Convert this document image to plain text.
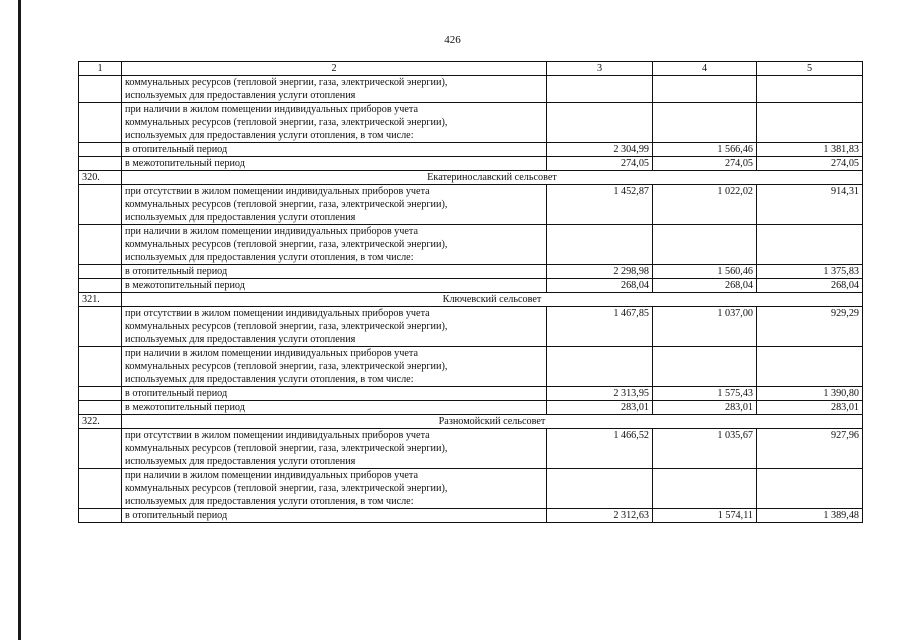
426
1	2	3	4	5

	коммунальных ресурсов (тепловой энергии, газа, электрической энергии),
используемых для предоставления услуги отопления			

	при наличии в жилом помещении индивидуальных приборов учета
коммунальных ресурсов (тепловой энергии, газа, электрической энергии),
используемых для предоставления услуги отопления, в том числе:			

	в отопительный период	2 304,99	1 566,46	1 381,83

	в межотопительный период	274,05	274,05	274,05
320.	Екатеринославский сельсовет			

	при отсутствии в жилом помещении индивидуальных приборов учета
коммунальных ресурсов (тепловой энергии, газа, электрической энергии),
используемых для предоставления услуги отопления	1 452,87	1 022,02	914,31

	при наличии в жилом помещении индивидуальных приборов учета
коммунальных ресурсов (тепловой энергии, газа, электрической энергии),
используемых для предоставления услуги отопления, в том числе:			

	в отопительный период	2 298,98	1 560,46	1 375,83

	в межотопительный период	268,04	268,04	268,04
321.	Ключевский сельсовет			

	при отсутствии в жилом помещении индивидуальных приборов учета
коммунальных ресурсов (тепловой энергии, газа, электрической энергии),
используемых для предоставления услуги отопления	1 467,85	1 037,00	929,29

	при наличии в жилом помещении индивидуальных приборов учета
коммунальных ресурсов (тепловой энергии, газа, электрической энергии),
используемых для предоставления услуги отопления, в том числе:			

	в отопительный период	2 313,95	1 575,43	1 390,80

	в межотопительный период	283,01	283,01	283,01
322.	Разномойский сельсовет			

	при отсутствии в жилом помещении индивидуальных приборов учета
коммунальных ресурсов (тепловой энергии, газа, электрической энергии),
используемых для предоставления услуги отопления	1 466,52	1 035,67	927,96

	при наличии в жилом помещении индивидуальных приборов учета
коммунальных ресурсов (тепловой энергии, газа, электрической энергии),
используемых для предоставления услуги отопления, в том числе:			

	в отопительный период	2 312,63	1 574,11	1 389,48
